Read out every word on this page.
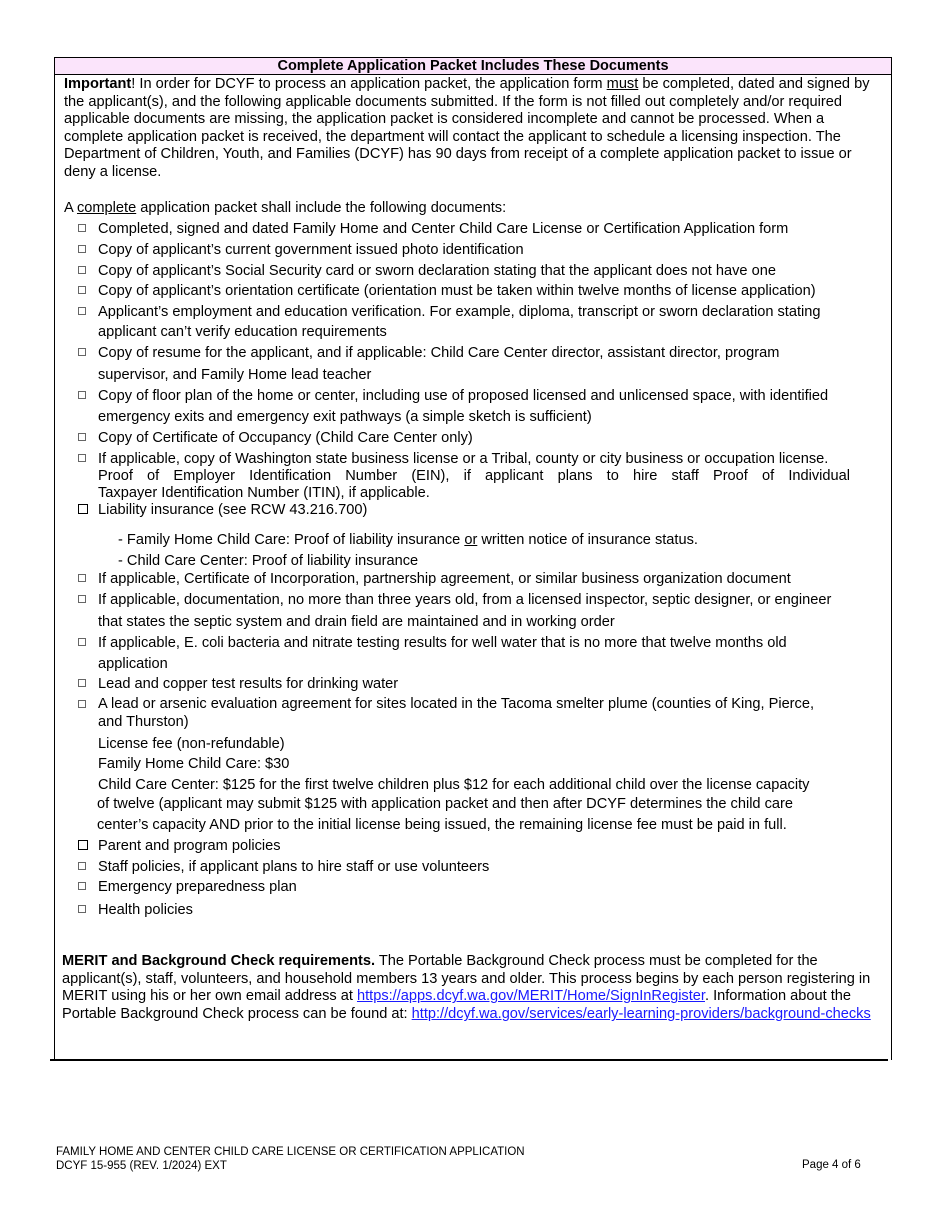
Complete Application Packet Includes These Documents
Important! In order for DCYF to process an application packet, the application form must be completed, dated and signed by the applicant(s), and the following applicable documents submitted. If the form is not filled out completely and/or required applicable documents are missing, the application packet is considered incomplete and cannot be processed. When a complete application packet is received, the department will contact the applicant to schedule a licensing inspection. The Department of Children, Youth, and Families (DCYF) has 90 days from receipt of a complete application packet to issue or deny a license.
A complete application packet shall include the following documents:
Completed, signed and dated Family Home and Center Child Care License or Certification Application form
Copy of applicant’s current government issued photo identification
Copy of applicant’s Social Security card or sworn declaration stating that the applicant does not have one
Copy of applicant’s orientation certificate (orientation must be taken within twelve months of license application)
Applicant’s employment and education verification. For example, diploma, transcript or sworn declaration stating
applicant can’t verify education requirements
Copy of resume for the applicant, and if applicable: Child Care Center director, assistant director, program
supervisor, and Family Home lead teacher
Copy of floor plan of the home or center, including use of proposed licensed and unlicensed space, with identified
emergency exits and emergency exit pathways (a simple sketch is sufficient)
Copy of Certificate of Occupancy (Child Care Center only)
If applicable, copy of Washington state business license or a Tribal, county or city business or occupation license.
Proof of Employer Identification Number (EIN), if applicant plans to hire staff Proof of Individual
Taxpayer Identification Number (ITIN), if applicable.
Liability insurance (see RCW 43.216.700)
- Family Home Child Care: Proof of liability insurance or written notice of insurance status.
- Child Care Center: Proof of liability insurance
If applicable, Certificate of Incorporation, partnership agreement, or similar business organization document
If applicable, documentation, no more than three years old, from a licensed inspector, septic designer, or engineer
that states the septic system and drain field are maintained and in working order
If applicable, E. coli bacteria and nitrate testing results for well water that is no more that twelve months old
application
Lead and copper test results for drinking water
A lead or arsenic evaluation agreement for sites located in the Tacoma smelter plume (counties of King, Pierce,
and Thurston)
License fee (non-refundable)
Family Home Child Care: $30
Child Care Center: $125 for the first twelve children plus $12 for each additional child over the license capacity
of twelve (applicant may submit $125 with application packet and then after DCYF determines the child care
center’s capacity AND prior to the initial license being issued, the remaining license fee must be paid in full.
Parent and program policies
Staff policies, if applicant plans to hire staff or use volunteers
Emergency preparedness plan
Health policies
MERIT and Background Check requirements. The Portable Background Check process must be completed for the applicant(s), staff, volunteers, and household members 13 years and older. This process begins by each person registering in MERIT using his or her own email address at https://apps.dcyf.wa.gov/MERIT/Home/SignInRegister. Information about the Portable Background Check process can be found at: http://dcyf.wa.gov/services/early-learning-providers/background-checks
FAMILY HOME AND CENTER CHILD CARE LICENSE OR CERTIFICATION APPLICATION
DCYF 15-955 (REV. 1/2024) EXT	Page 4 of 6
